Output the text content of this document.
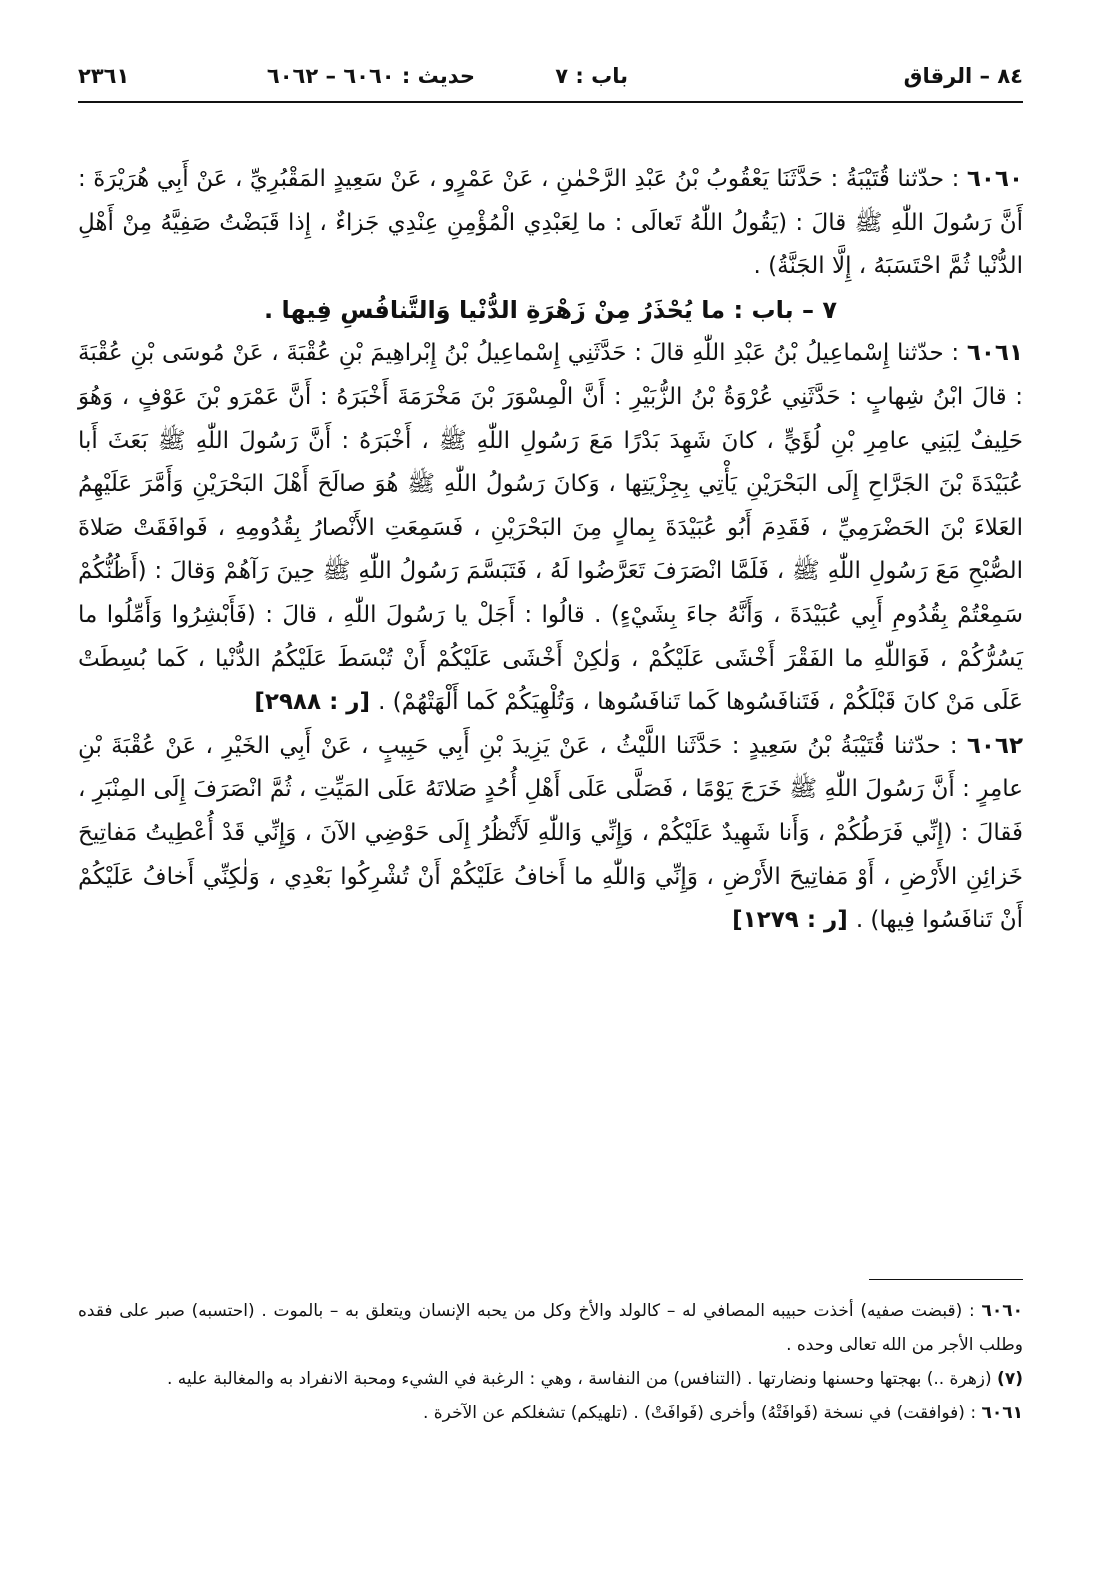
٨٤ – الرقاق
باب : ٧
حديث : ٦٠٦٠ – ٦٠٦٢
٢٣٦١

٦٠٦٠ : حدّثنا قُتَيْبَةُ : حَدَّثَنَا يَعْقُوبُ بْنُ عَبْدِ الرَّحْمٰنِ ، عَنْ عَمْرٍو ، عَنْ سَعِيدٍ المَقْبُرِيِّ ، عَنْ أَبِي هُرَيْرَةَ : أَنَّ رَسُولَ اللّٰهِ ﷺ قالَ : (يَقُولُ اللّٰهُ تَعالَى : ما لِعَبْدِي الْمُؤْمِنِ عِنْدِي جَزاءٌ ، إِذا قَبَضْتُ صَفِيَّهُ مِنْ أَهْلِ الدُّنْيا ثُمَّ احْتَسَبَهُ ، إِلَّا الجَنَّةُ) .

٧ – باب : ما يُحْذَرُ مِنْ زَهْرَةِ الدُّنْيا وَالتَّنافُسِ فِيها .

٦٠٦١ : حدّثنا إِسْماعِيلُ بْنُ عَبْدِ اللّٰهِ قالَ : حَدَّثَنِي إِسْماعِيلُ بْنُ إِبْراهِيمَ بْنِ عُقْبَةَ ، عَنْ مُوسَى بْنِ عُقْبَةَ : قالَ ابْنُ شِهابٍ : حَدَّثَنِي عُرْوَةُ بْنُ الزُّبَيْرِ : أَنَّ الْمِسْوَرَ بْنَ مَخْرَمَةَ أَخْبَرَهُ : أَنَّ عَمْرَو بْنَ عَوْفٍ ، وَهُوَ حَلِيفٌ لِبَنِي عامِرِ بْنِ لُؤَيٍّ ، كانَ شَهِدَ بَدْرًا مَعَ رَسُولِ اللّٰهِ ﷺ ، أَخْبَرَهُ : أَنَّ رَسُولَ اللّٰهِ ﷺ بَعَثَ أَبا عُبَيْدَةَ بْنَ الجَرَّاحِ إِلَى البَحْرَيْنِ يَأْتِي بِجِزْيَتِها ، وَكانَ رَسُولُ اللّٰهِ ﷺ هُوَ صالَحَ أَهْلَ البَحْرَيْنِ وَأَمَّرَ عَلَيْهِمُ العَلاءَ بْنَ الحَضْرَمِيِّ ، فَقَدِمَ أَبُو عُبَيْدَةَ بِمالٍ مِنَ البَحْرَيْنِ ، فَسَمِعَتِ الأَنْصارُ بِقُدُومِهِ ، فَوافَقَتْ صَلاةَ الصُّبْحِ مَعَ رَسُولِ اللّٰهِ ﷺ ، فَلَمَّا انْصَرَفَ تَعَرَّضُوا لَهُ ، فَتَبَسَّمَ رَسُولُ اللّٰهِ ﷺ حِينَ رَآهُمْ وَقالَ : (أَظُنُّكُمْ سَمِعْتُمْ بِقُدُومِ أَبِي عُبَيْدَةَ ، وَأَنَّهُ جاءَ بِشَيْءٍ) . قالُوا : أَجَلْ يا رَسُولَ اللّٰهِ ، قالَ : (فَأَبْشِرُوا وَأَمِّلُوا ما يَسُرُّكُمْ ، فَوَاللّٰهِ ما الفَقْرَ أَخْشَى عَلَيْكُمْ ، وَلٰكِنْ أَخْشَى عَلَيْكُمْ أَنْ تُبْسَطَ عَلَيْكُمُ الدُّنْيا ، كَما بُسِطَتْ عَلَى مَنْ كانَ قَبْلَكُمْ ، فَتَنافَسُوها كَما تَنافَسُوها ، وَتُلْهِيَكُمْ كَما أَلْهَتْهُمْ) . [ر : ٢٩٨٨]

٦٠٦٢ : حدّثنا قُتَيْبَةُ بْنُ سَعِيدٍ : حَدَّثَنا اللَّيْثُ ، عَنْ يَزِيدَ بْنِ أَبِي حَبِيبٍ ، عَنْ أَبِي الخَيْرِ ، عَنْ عُقْبَةَ بْنِ عامِرٍ : أَنَّ رَسُولَ اللّٰهِ ﷺ خَرَجَ يَوْمًا ، فَصَلَّى عَلَى أَهْلِ أُحُدٍ صَلاتَهُ عَلَى المَيِّتِ ، ثُمَّ انْصَرَفَ إِلَى المِنْبَرِ ، فَقالَ : (إِنِّي فَرَطُكُمْ ، وَأَنا شَهِيدٌ عَلَيْكُمْ ، وَإِنِّي وَاللّٰهِ لَأَنْظُرُ إِلَى حَوْضِي الآنَ ، وَإِنِّي قَدْ أُعْطِيتُ مَفاتِيحَ خَزائِنِ الأَرْضِ ، أَوْ مَفاتِيحَ الأَرْضِ ، وَإِنِّي وَاللّٰهِ ما أَخافُ عَلَيْكُمْ أَنْ تُشْرِكُوا بَعْدِي ، وَلٰكِنِّي أَخافُ عَلَيْكُمْ أَنْ تَنافَسُوا فِيها) . [ر : ١٢٧٩]

٦٠٦٠ : (قبضت صفيه) أخذت حبيبه المصافي له – كالولد والأخ وكل من يحبه الإنسان ويتعلق به – بالموت . (احتسبه) صبر على فقده وطلب الأجر من الله تعالى وحده .

(٧) (زهرة ..) بهجتها وحسنها ونضارتها . (التنافس) من النفاسة ، وهي : الرغبة في الشيء ومحبة الانفراد به والمغالبة عليه .

٦٠٦١ : (فوافقت) في نسخة (فَوافَتْهُ) وأخرى (فَوافَتْ) . (تلهيكم) تشغلكم عن الآخرة .
